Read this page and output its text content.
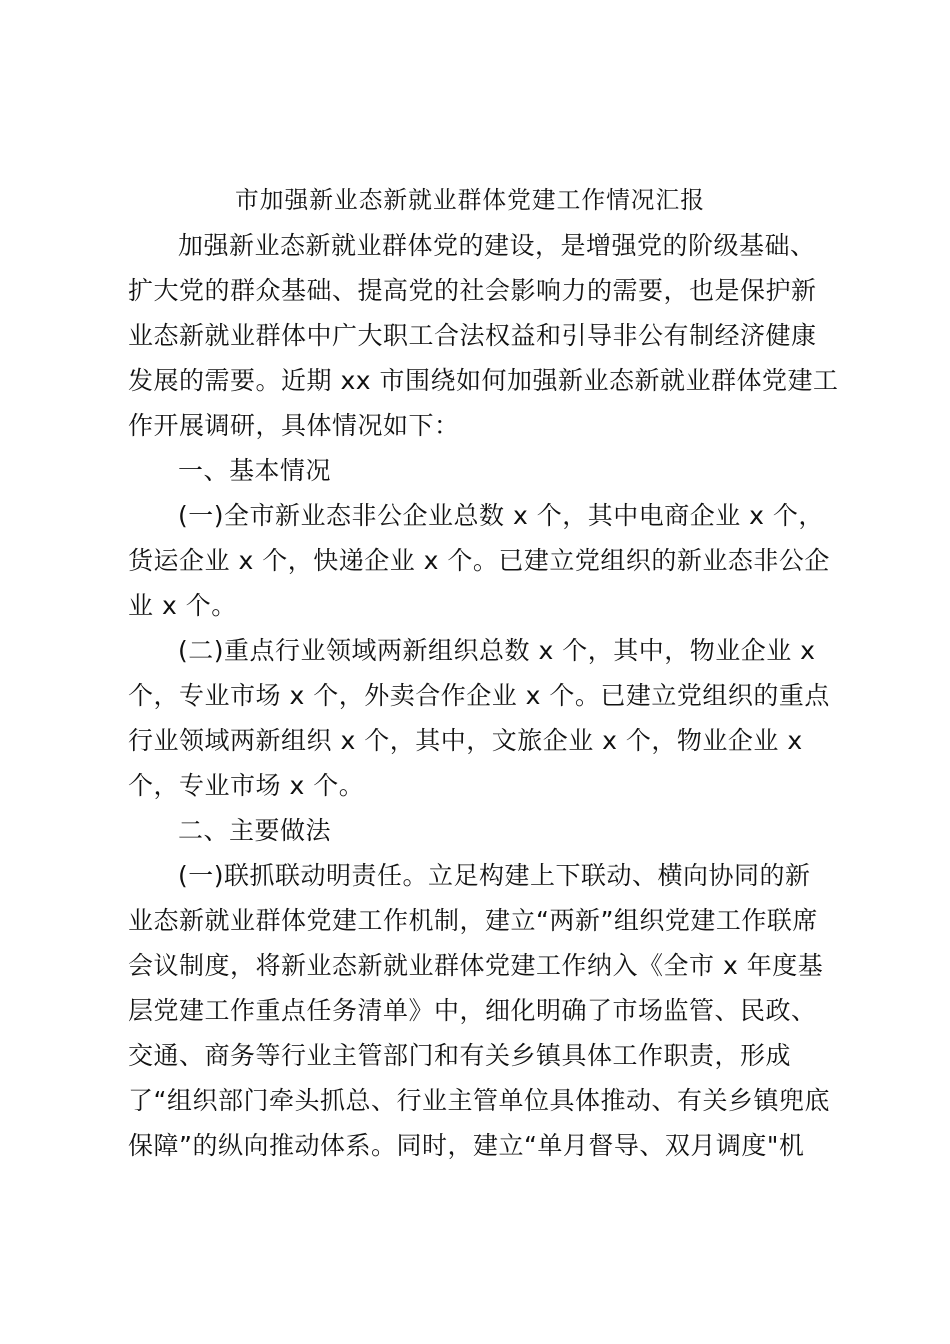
市加强新业态新就业群体党建工作情况汇报
加强新业态新就业群体党的建设，是增强党的阶级基础、
扩大党的群众基础、提高党的社会影响力的需要，也是保护新
业态新就业群体中广大职工合法权益和引导非公有制经济健康
发展的需要。近期 xx 市围绕如何加强新业态新就业群体党建工
作开展调研，具体情况如下：
一、基本情况
(一)全市新业态非公企业总数 x 个，其中电商企业 x 个，
货运企业 x 个，快递企业 x 个。已建立党组织的新业态非公企
业 x 个。
(二)重点行业领域两新组织总数 x 个，其中，物业企业 x
个，专业市场 x 个，外卖合作企业 x 个。已建立党组织的重点
行业领域两新组织 x 个，其中，文旅企业 x 个，物业企业 x
个，专业市场 x 个。
二、主要做法
(一)联抓联动明责任。立足构建上下联动、横向协同的新
业态新就业群体党建工作机制，建立“两新”组织党建工作联席
会议制度，将新业态新就业群体党建工作纳入《全市 x 年度基
层党建工作重点任务清单》中，细化明确了市场监管、民政、
交通、商务等行业主管部门和有关乡镇具体工作职责，形成
了“组织部门牵头抓总、行业主管单位具体推动、有关乡镇兜底
保障”的纵向推动体系。同时，建立“单月督导、双月调度"机
